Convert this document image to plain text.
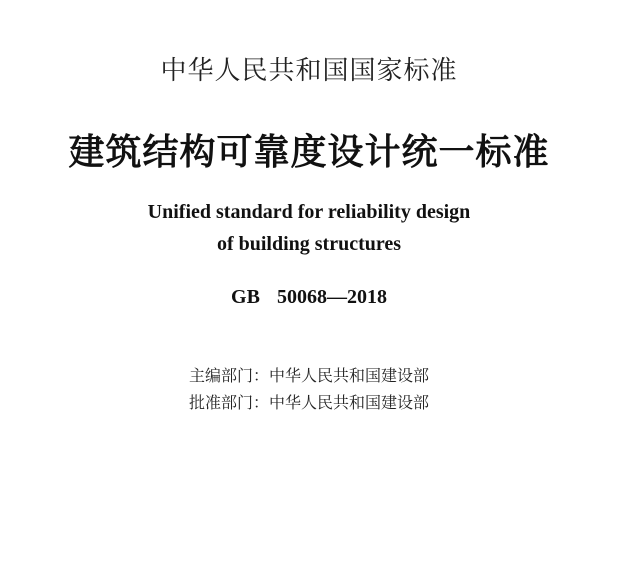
中华人民共和国国家标准
建筑结构可靠度设计统一标准
Unified standard for reliability design
of building structures
GB 50068—2018
主编部门：中华人民共和国建设部
批准部门：中华人民共和国建设部
